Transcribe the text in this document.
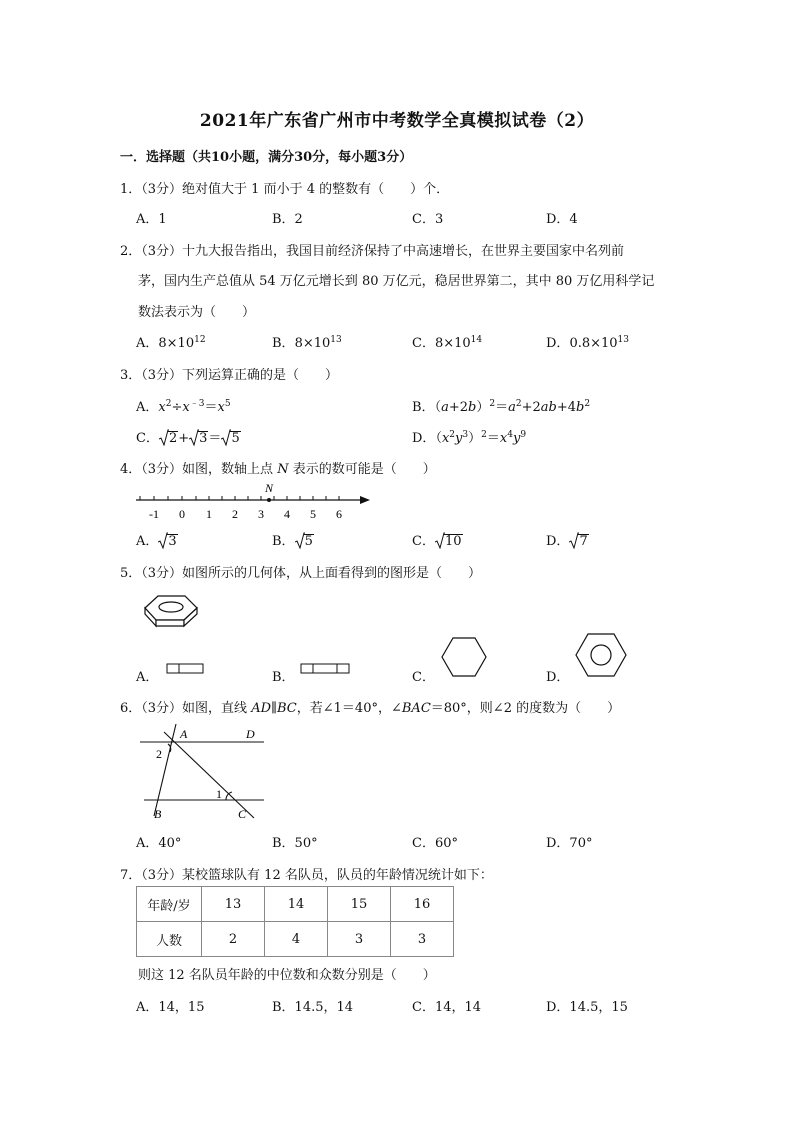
2021年广东省广州市中考数学全真模拟试卷（2）
一．选择题（共10小题，满分30分，每小题3分）
1．（3分）绝对值大于 1 而小于 4 的整数有（　　）个．
A．1	B．2	C．3	D．4
2．（3分）十九大报告指出，我国目前经济保持了中高速增长，在世界主要国家中名列前
茅，国内生产总值从 54 万亿元增长到 80 万亿元，稳居世界第二，其中 80 万亿用科学记
数法表示为（　　）
A．$8\times 10^{12}$	B．$8\times 10^{13}$	C．$8\times 10^{14}$	D．$0.8\times 10^{13}$
3．（3分）下列运算正确的是（　　）
A．$x^2\div x^{﹣3}=x^5$	B．$(a+2b)^2=a^2+2ab+4b^2$
C． 2+ 3＝ 5	D．$(x^2y^3)^2=x^4y^9$
4．（3分）如图，数轴上点 N 表示的数可能是（　　）
N
-1 0 1 2 3 4 5 6
A． 3	B． 5	C． 10	D． 7
5．（3分）如图所示的几何体，从上面看得到的图形是（　　）
A．	B．	C．	D．
6．（3分）如图，直线 AD∥BC，若∠1＝40°，∠BAC＝80°，则∠2 的度数为（　　）
A	D
B	C
2
1
A．40°	B．50°	C．60°	D．70°
7．（3分）某校篮球队有 12 名队员，队员的年龄情况统计如下：
年龄/岁	13	14	15	16
人数	2	4	3	3
则这 12 名队员年龄的中位数和众数分别是（　　）
A．14，15	B．14.5，14	C．14，14	D．14.5，15
